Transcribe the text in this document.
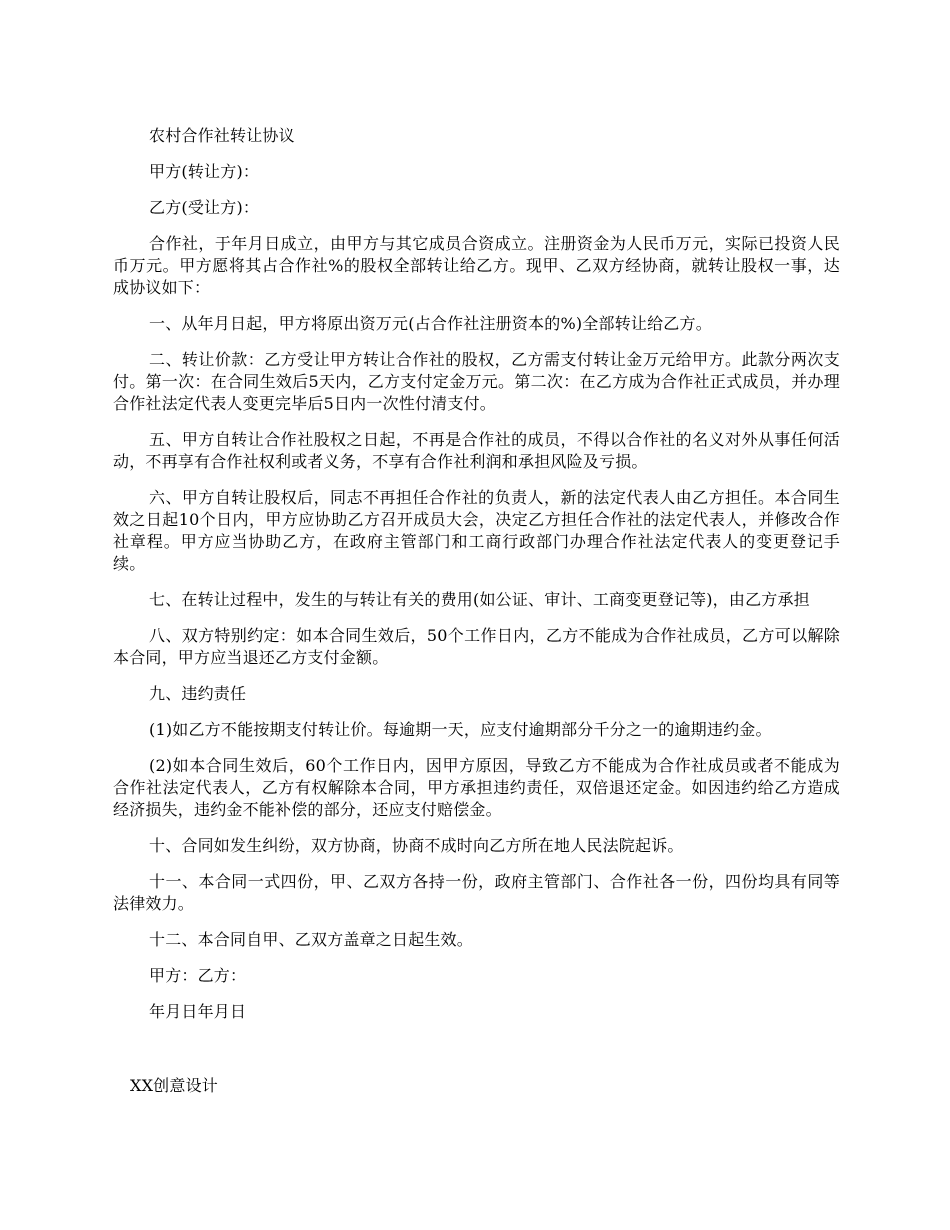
农村合作社转让协议

甲方(转让方)：

乙方(受让方)：

合作社，于年月日成立，由甲方与其它成员合资成立。注册资金为人民币万元，实际已投资人民币万元。甲方愿将其占合作社%的股权全部转让给乙方。现甲、乙双方经协商，就转让股权一事，达成协议如下：

一、从年月日起，甲方将原出资万元(占合作社注册资本的%)全部转让给乙方。

二、转让价款：乙方受让甲方转让合作社的股权，乙方需支付转让金万元给甲方。此款分两次支付。第一次：在合同生效后5天内，乙方支付定金万元。第二次：在乙方成为合作社正式成员，并办理合作社法定代表人变更完毕后5日内一次性付清支付。

五、甲方自转让合作社股权之日起，不再是合作社的成员，不得以合作社的名义对外从事任何活动，不再享有合作社权利或者义务，不享有合作社利润和承担风险及亏损。

六、甲方自转让股权后，同志不再担任合作社的负责人，新的法定代表人由乙方担任。本合同生效之日起10个日内，甲方应协助乙方召开成员大会，决定乙方担任合作社的法定代表人，并修改合作社章程。甲方应当协助乙方，在政府主管部门和工商行政部门办理合作社法定代表人的变更登记手续。

七、在转让过程中，发生的与转让有关的费用(如公证、审计、工商变更登记等)，由乙方承担

八、双方特别约定：如本合同生效后，50个工作日内，乙方不能成为合作社成员，乙方可以解除本合同，甲方应当退还乙方支付金额。

九、违约责任

(1)如乙方不能按期支付转让价。每逾期一天，应支付逾期部分千分之一的逾期违约金。

(2)如本合同生效后，60个工作日内，因甲方原因，导致乙方不能成为合作社成员或者不能成为合作社法定代表人，乙方有权解除本合同，甲方承担违约责任，双倍退还定金。如因违约给乙方造成经济损失，违约金不能补偿的部分，还应支付赔偿金。

十、合同如发生纠纷，双方协商，协商不成时向乙方所在地人民法院起诉。

十一、本合同一式四份，甲、乙双方各持一份，政府主管部门、合作社各一份，四份均具有同等法律效力。

十二、本合同自甲、乙双方盖章之日起生效。

甲方：乙方：

年月日年月日

XX创意设计
